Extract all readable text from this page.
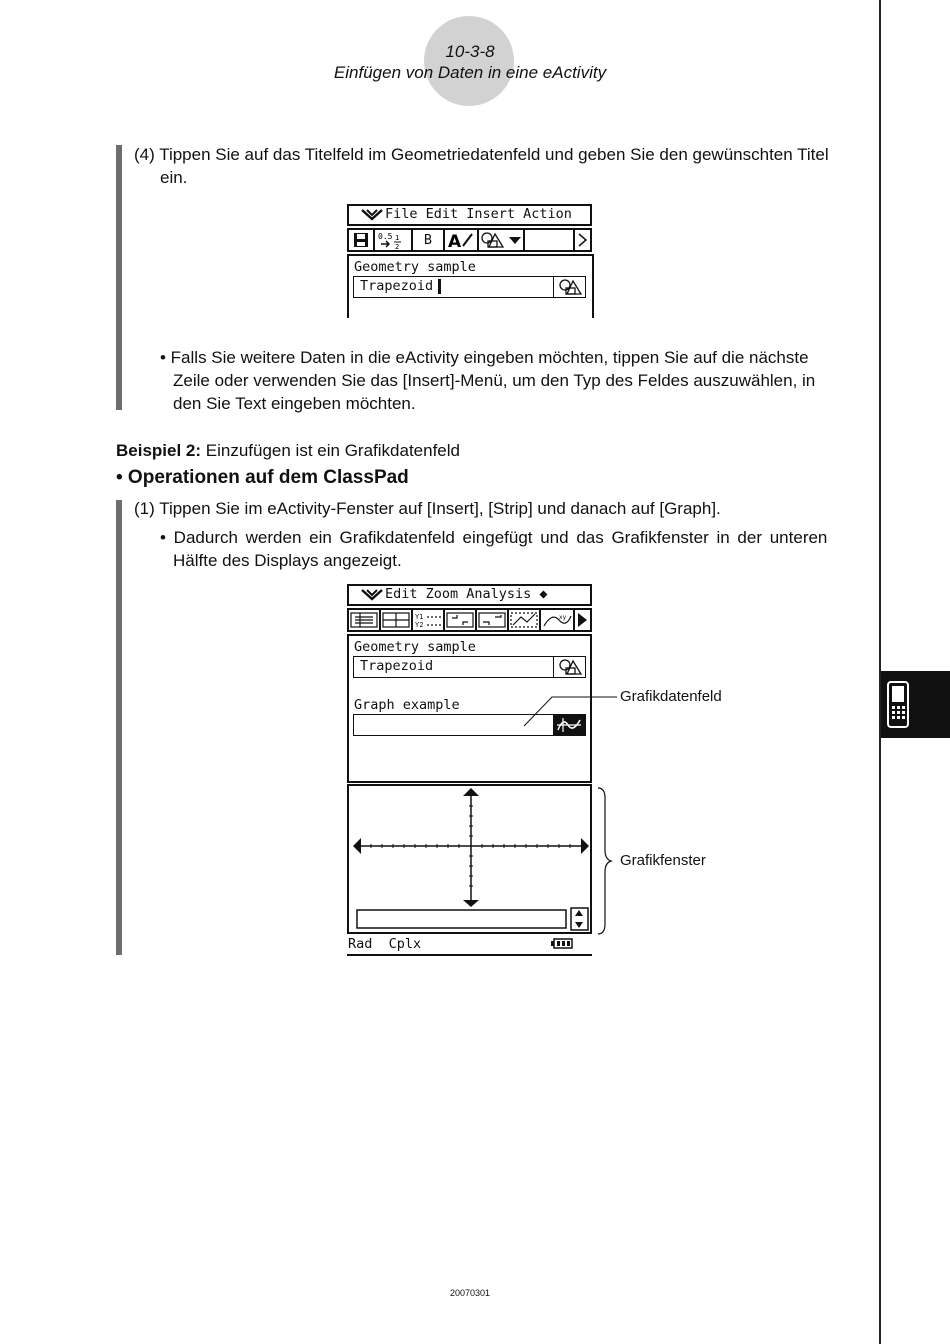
10-3-8
Einfügen von Daten in eine eActivity
(4) Tippen Sie auf das Titelfeld im Geometriedatenfeld und geben Sie den gewünschten Titel
ein.
File Edit Insert Action
0.5 1
2	B A
Geometry sample
Trapezoid
• Falls Sie weitere Daten in die eActivity eingeben möchten, tippen Sie auf die nächste
Zeile oder verwenden Sie das [Insert]-Menü, um den Typ des Feldes auszuwählen, in
den Sie Text eingeben möchten.
Beispiel 2: Einzufügen ist ein Grafikdatenfeld
• Operationen auf dem ClassPad
(1) Tippen Sie im eActivity-Fenster auf [Insert], [Strip] und danach auf [Graph].
• Dadurch werden ein Grafikdatenfeld eingefügt und das Grafikfenster in der unteren
Hälfte des Displays angezeigt.
Edit Zoom Analysis ◆
Y1
Y2
xy
Geometry sample
Trapezoid
Graph example
Rad  Cplx
Grafikdatenfeld
Grafikfenster
20070301
